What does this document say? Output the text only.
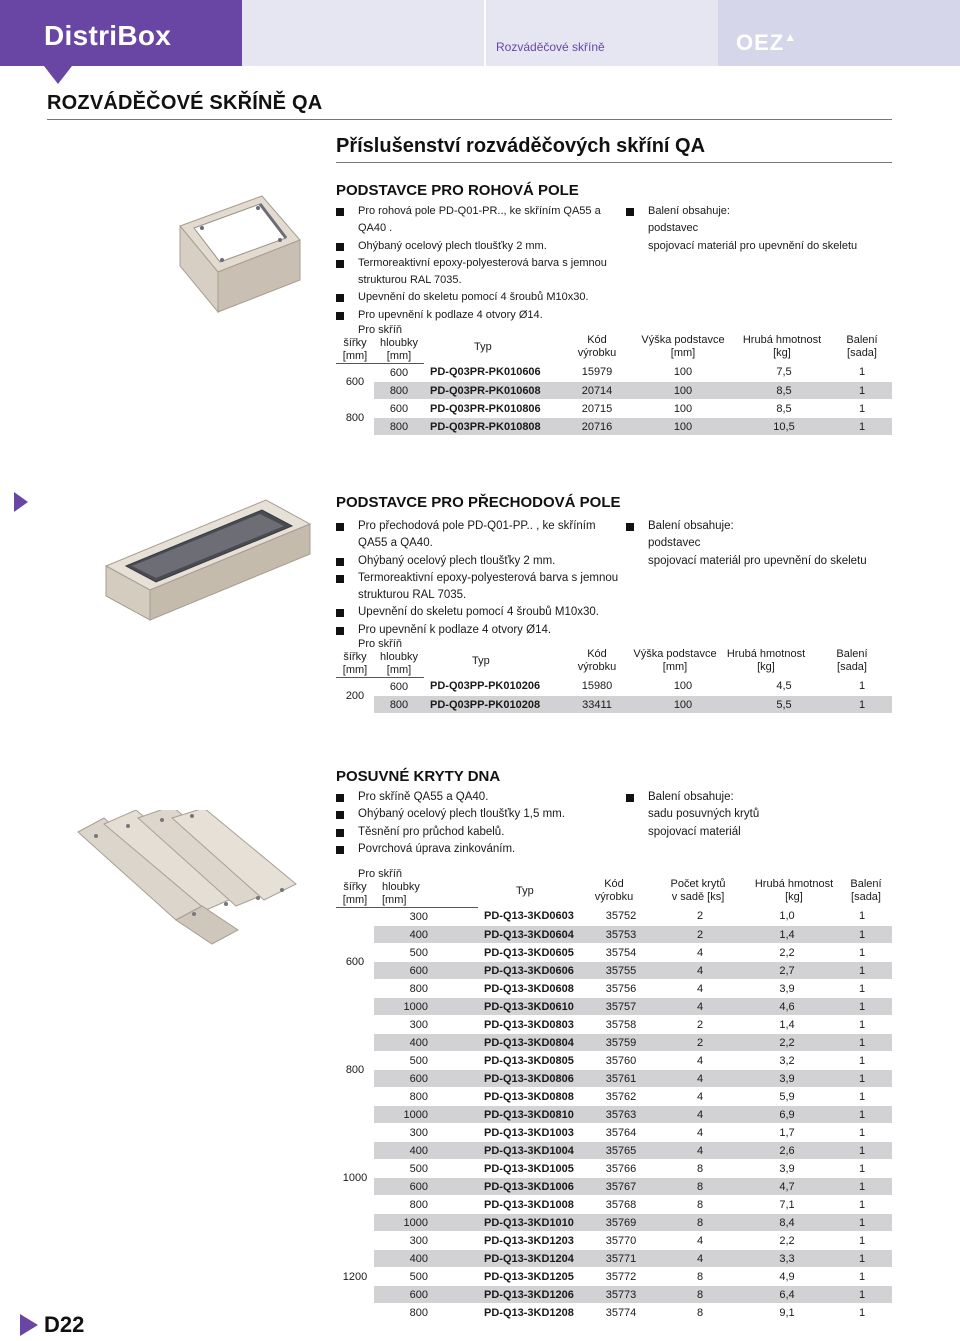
DistriBox	Rozváděčové skříně	OEZ▲
ROZVÁDĚČOVÉ SKŘÍNĚ QA
Příslušenství rozváděčových skříní QA
PODSTAVCE PRO ROHOVÁ POLE
Pro rohová pole PD-Q01-PR.., ke skříním QA55 a QA40 .
Ohýbaný ocelový plech tloušťky 2 mm.
Termoreaktivní epoxy-polyesterová barva s jemnou
strukturou RAL 7035.
Upevnění do skeletu pomocí 4 šroubů M10x30.
Pro upevnění k podlaze 4 otvory Ø14.
Balení obsahuje:
podstavec
spojovací materiál pro upevnění do skeletu
Pro skříň						
šířky	hloubky					
[mm]	[mm]					
600	600	PD-Q03PR-PK010606	15979	100	7,5	1
	800	PD-Q03PR-PK010608	20714	100	8,5	1
800	600	PD-Q03PR-PK010806	20715	100	8,5	1
	800	PD-Q03PR-PK010808	20716	100	10,5	1
Typ
Kód
výrobku
Výška podstavce
[mm]
Hrubá hmotnost
[kg]
Balení
[sada]
PODSTAVCE PRO PŘECHODOVÁ POLE
Pro přechodová pole PD-Q01-PP.. , ke skříním QA55 a QA40.
Ohýbaný ocelový plech tloušťky 2 mm.
Termoreaktivní epoxy-polyesterová barva s jemnou
strukturou RAL 7035.
Upevnění do skeletu pomocí 4 šroubů M10x30.
Pro upevnění k podlaze 4 otvory Ø14.
Balení obsahuje:
podstavec
spojovací materiál pro upevnění do skeletu
Pro skříň						
šířky	hloubky					
[mm]	[mm]					
200	600	PD-Q03PP-PK010206	15980	100	4,5	1
	800	PD-Q03PP-PK010208	33411	100	5,5	1
Typ
Kód
výrobku
Výška podstavce
[mm]
Hrubá hmotnost
[kg]
Balení
[sada]
POSUVNÉ KRYTY DNA
Pro skříně QA55 a QA40.
Ohýbaný ocelový plech tloušťky 1,5 mm.
Těsnění pro průchod kabelů.
Povrchová úprava zinkováním.
Balení obsahuje:
sadu posuvných krytů
spojovací materiál
Pro skříň						
šířky	hloubky					
[mm]	[mm]					
600	300	PD-Q13-3KD0603	35752	2	1,0	1
	400	PD-Q13-3KD0604	35753	2	1,4	1
	500	PD-Q13-3KD0605	35754	4	2,2	1
	600	PD-Q13-3KD0606	35755	4	2,7	1
	800	PD-Q13-3KD0608	35756	4	3,9	1
	1000	PD-Q13-3KD0610	35757	4	4,6	1
800	300	PD-Q13-3KD0803	35758	2	1,4	1
	400	PD-Q13-3KD0804	35759	2	2,2	1
	500	PD-Q13-3KD0805	35760	4	3,2	1
	600	PD-Q13-3KD0806	35761	4	3,9	1
	800	PD-Q13-3KD0808	35762	4	5,9	1
	1000	PD-Q13-3KD0810	35763	4	6,9	1
1000	300	PD-Q13-3KD1003	35764	4	1,7	1
	400	PD-Q13-3KD1004	35765	4	2,6	1
	500	PD-Q13-3KD1005	35766	8	3,9	1
	600	PD-Q13-3KD1006	35767	8	4,7	1
	800	PD-Q13-3KD1008	35768	8	7,1	1
	1000	PD-Q13-3KD1010	35769	8	8,4	1
1200	300	PD-Q13-3KD1203	35770	4	2,2	1
	400	PD-Q13-3KD1204	35771	4	3,3	1
	500	PD-Q13-3KD1205	35772	8	4,9	1
	600	PD-Q13-3KD1206	35773	8	6,4	1
	800	PD-Q13-3KD1208	35774	8	9,1	1
Typ
Kód
výrobku
Počet krytů
v sadě [ks]
Hrubá hmotnost
[kg]
Balení
[sada]
D22
